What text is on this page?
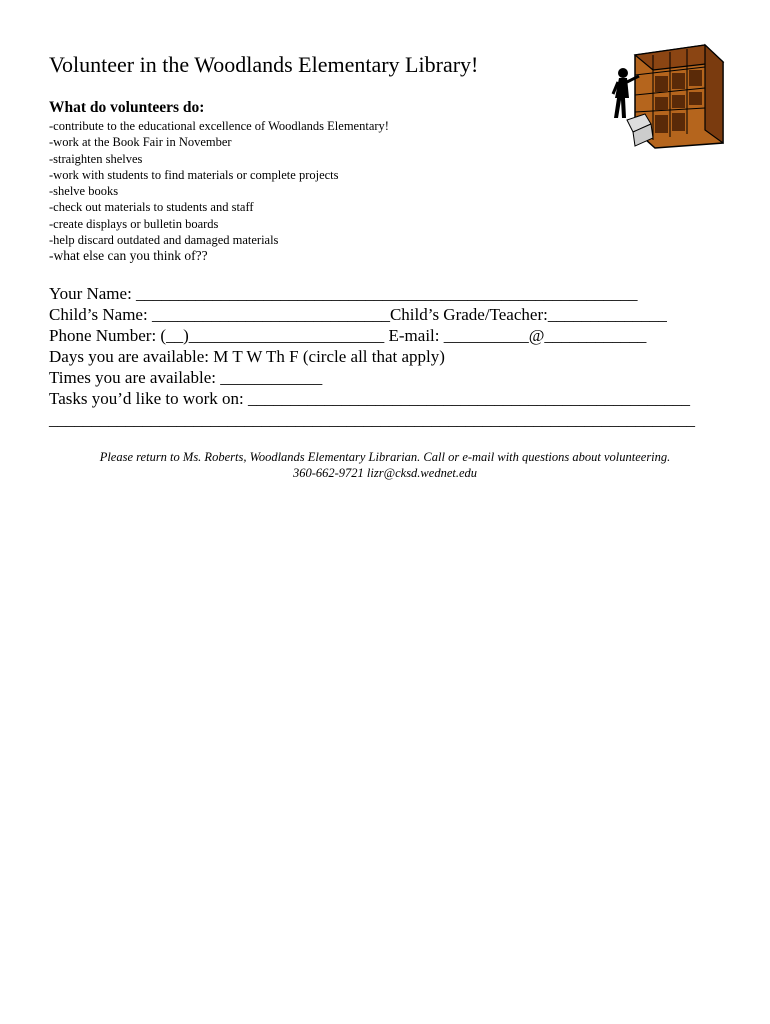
Volunteer in the Woodlands Elementary Library!
What do volunteers do:
-contribute to the educational excellence of Woodlands Elementary!
-work at the Book Fair in November
-straighten shelves
-work with students to find materials or complete projects
-shelve books
-check out materials to students and staff
-create displays or bulletin boards
-help discard outdated and damaged materials
-what else can you think of??
Your Name: ___________________________________________________________
Child’s Name: ____________________________Child’s Grade/Teacher:______________
Phone Number: (__)_______________________ E-mail: __________@____________
Days you are available: M T W Th F (circle all that apply)
Times you are available: ____________
Tasks you’d like to work on: ____________________________________________________
____________________________________________________________________________
Please return to Ms. Roberts, Woodlands Elementary Librarian. Call or e-mail with questions about volunteering.
360-662-9721 lizr@cksd.wednet.edu
